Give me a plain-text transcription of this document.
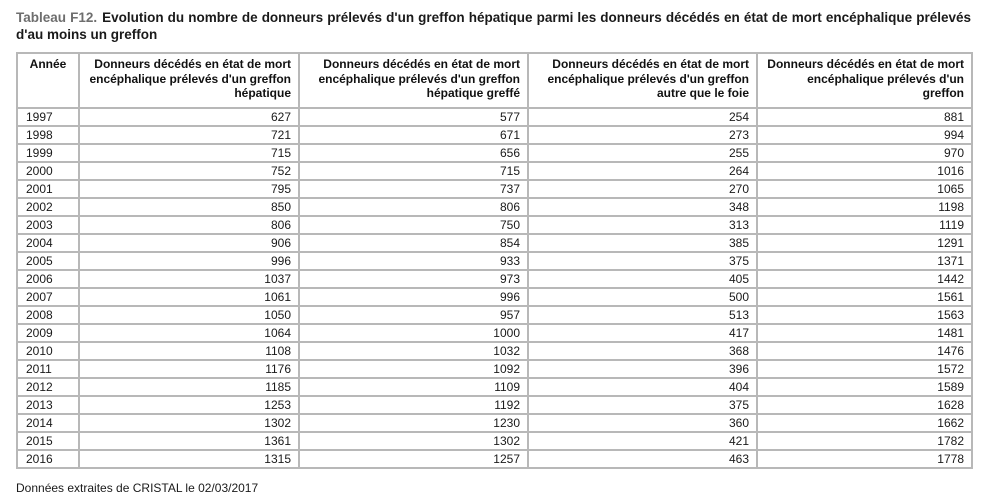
Tableau F12. Evolution du nombre de donneurs prélevés d'un greffon hépatique parmi les donneurs décédés en état de mort encéphalique prélevés d'au moins un greffon
Année	Donneurs décédés en état de mort encéphalique prélevés d'un greffon hépatique	Donneurs décédés en état de mort encéphalique prélevés d'un greffon hépatique greffé	Donneurs décédés en état de mort encéphalique prélevés d'un greffon autre que le foie	Donneurs décédés en état de mort encéphalique prélevés d'un greffon
1997	627	577	254	881
1998	721	671	273	994
1999	715	656	255	970
2000	752	715	264	1016
2001	795	737	270	1065
2002	850	806	348	1198
2003	806	750	313	1119
2004	906	854	385	1291
2005	996	933	375	1371
2006	1037	973	405	1442
2007	1061	996	500	1561
2008	1050	957	513	1563
2009	1064	1000	417	1481
2010	1108	1032	368	1476
2011	1176	1092	396	1572
2012	1185	1109	404	1589
2013	1253	1192	375	1628
2014	1302	1230	360	1662
2015	1361	1302	421	1782
2016	1315	1257	463	1778
Données extraites de CRISTAL le 02/03/2017
